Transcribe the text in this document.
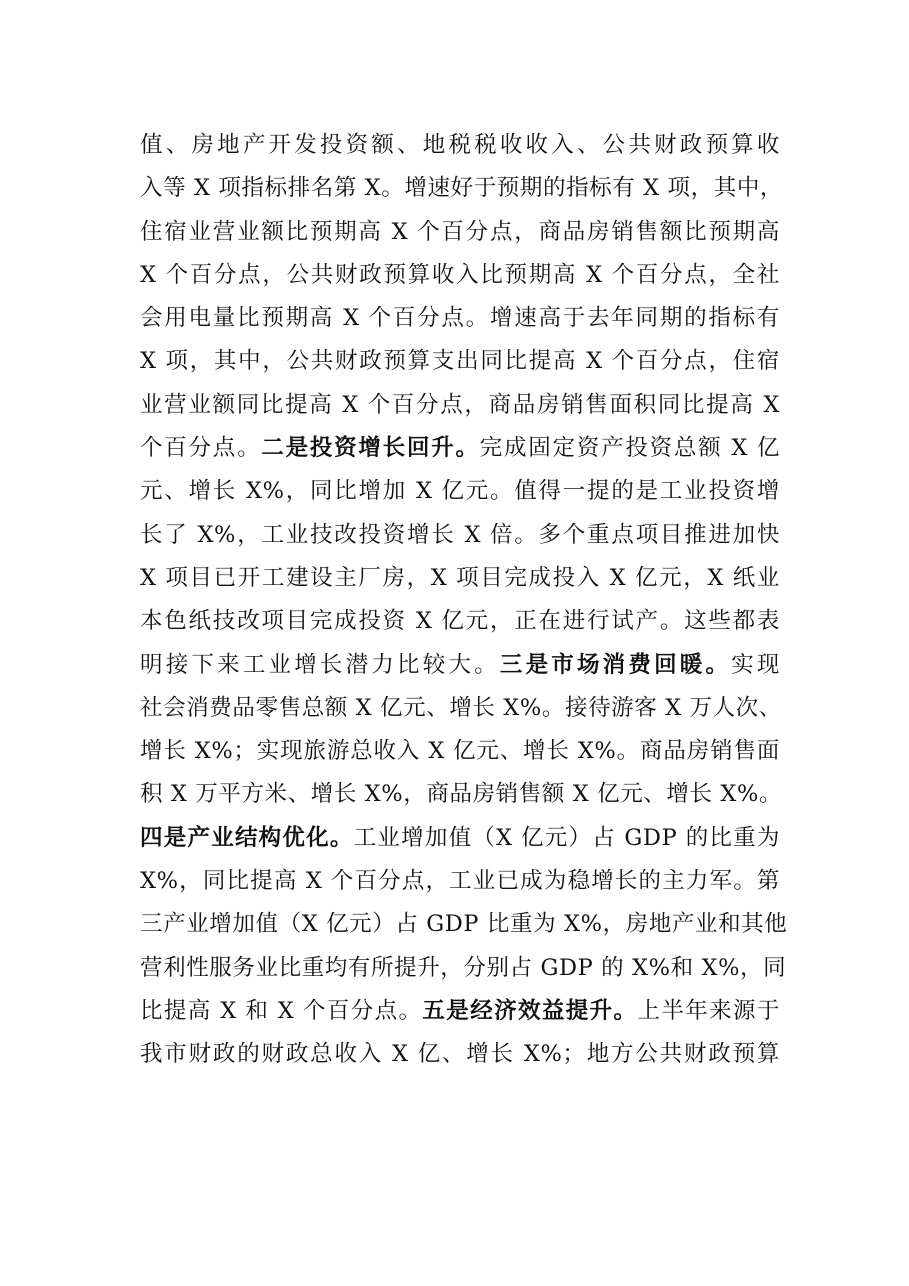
值、房地产开发投资额、地税税收收入、公共财政预算收
入等 X 项指标排名第 X。增速好于预期的指标有 X 项，其中，
住宿业营业额比预期高 X 个百分点，商品房销售额比预期高
X 个百分点，公共财政预算收入比预期高 X 个百分点，全社
会用电量比预期高 X 个百分点。增速高于去年同期的指标有
X 项，其中，公共财政预算支出同比提高 X 个百分点，住宿
业营业额同比提高 X 个百分点，商品房销售面积同比提高 X
个百分点。二是投资增长回升。完成固定资产投资总额 X 亿
元、增长 X%，同比增加 X 亿元。值得一提的是工业投资增
长了 X%，工业技改投资增长 X 倍。多个重点项目推进加快
X 项目已开工建设主厂房，X 项目完成投入 X 亿元，X 纸业
本色纸技改项目完成投资 X 亿元，正在进行试产。这些都表
明接下来工业增长潜力比较大。三是市场消费回暖。实现
社会消费品零售总额 X 亿元、增长 X%。接待游客 X 万人次、
增长 X%；实现旅游总收入 X 亿元、增长 X%。商品房销售面
积 X 万平方米、增长 X%，商品房销售额 X 亿元、增长 X%。
四是产业结构优化。工业增加值（X 亿元）占 GDP 的比重为
X%，同比提高 X 个百分点，工业已成为稳增长的主力军。第
三产业增加值（X 亿元）占 GDP 比重为 X%，房地产业和其他
营利性服务业比重均有所提升，分别占 GDP 的 X%和 X%，同
比提高 X 和 X 个百分点。五是经济效益提升。上半年来源于
我市财政的财政总收入 X 亿、增长 X%；地方公共财政预算
